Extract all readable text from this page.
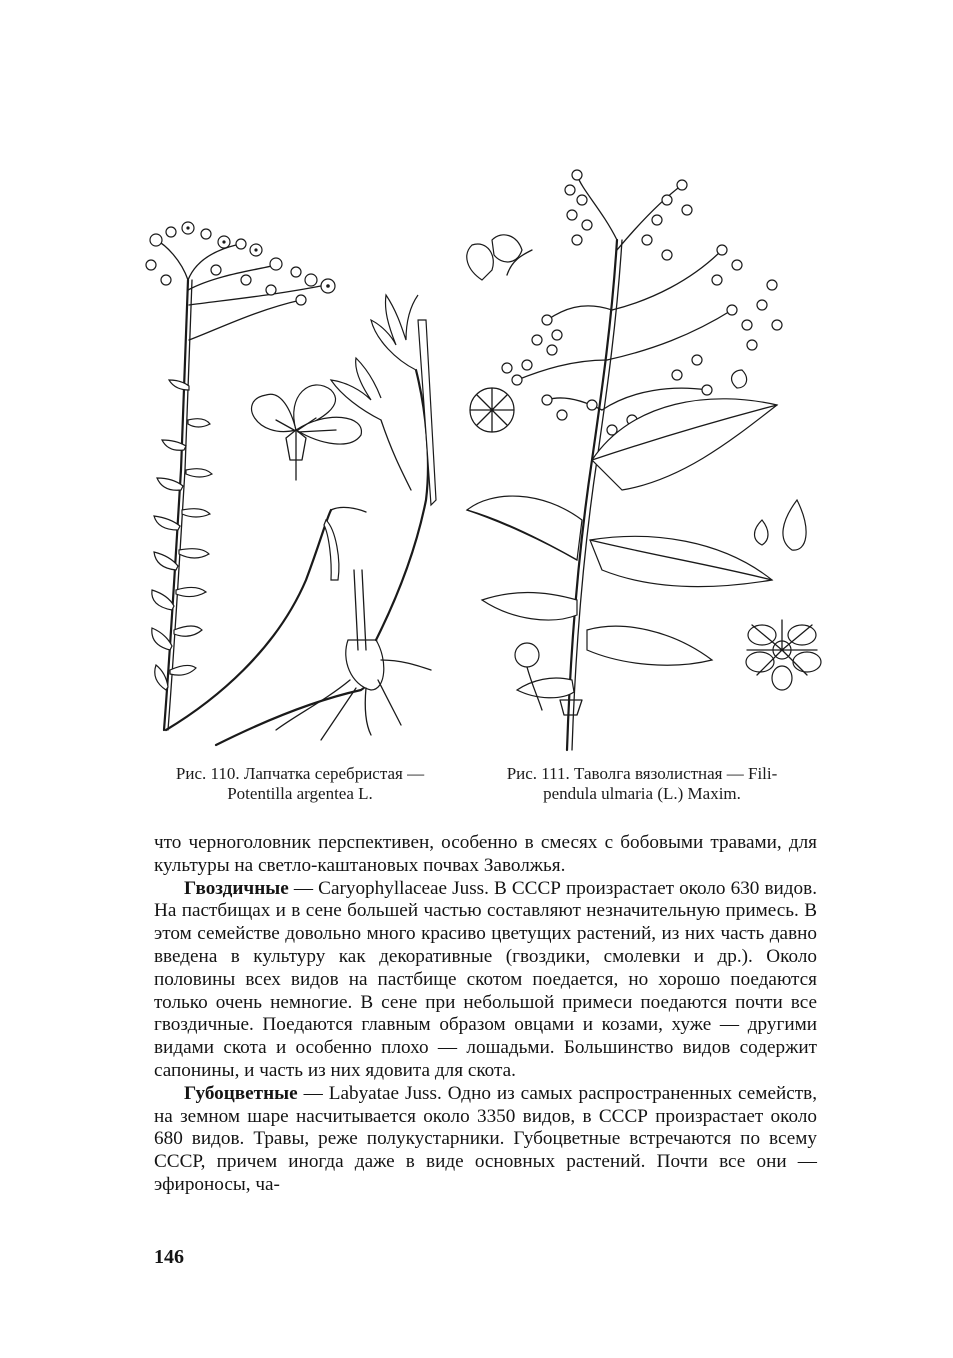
Рис. 110. Лапчатка серебристая —
Potentilla argentea L.
Рис. 111. Таволга вязолистная — Fili-
pendula ulmaria (L.) Maxim.

что черноголовник перспективен, особенно в смесях с бобовыми травами, для культуры на светло-каштановых почвах Заволжья.

Гвоздичные — Caryophyllaceae Juss. В СССР произрастает около 630 видов. На пастбищах и в сене большей частью составляют незначительную примесь. В этом семействе довольно много красиво цветущих растений, из них часть давно введена в культуру как декоративные (гвоздики, смолевки и др.). Около половины всех видов на пастбище скотом поедается, но хорошо поедаются только очень немногие. В сене при небольшой примеси поедаются почти все гвоздичные. Поедаются главным образом овцами и козами, хуже — другими видами скота и особенно плохо — лошадьми. Большинство видов содержит сапонины, и часть из них ядовита для скота.

Губоцветные — Labyatae Juss. Одно из самых распространенных семейств, на земном шаре насчитывается около 3350 видов, в СССР произрастает около 680 видов. Травы, реже полукустарники. Губоцветные встречаются по всему СССР, причем иногда даже в виде основных растений. Почти все они — эфироносы, ча-

146
